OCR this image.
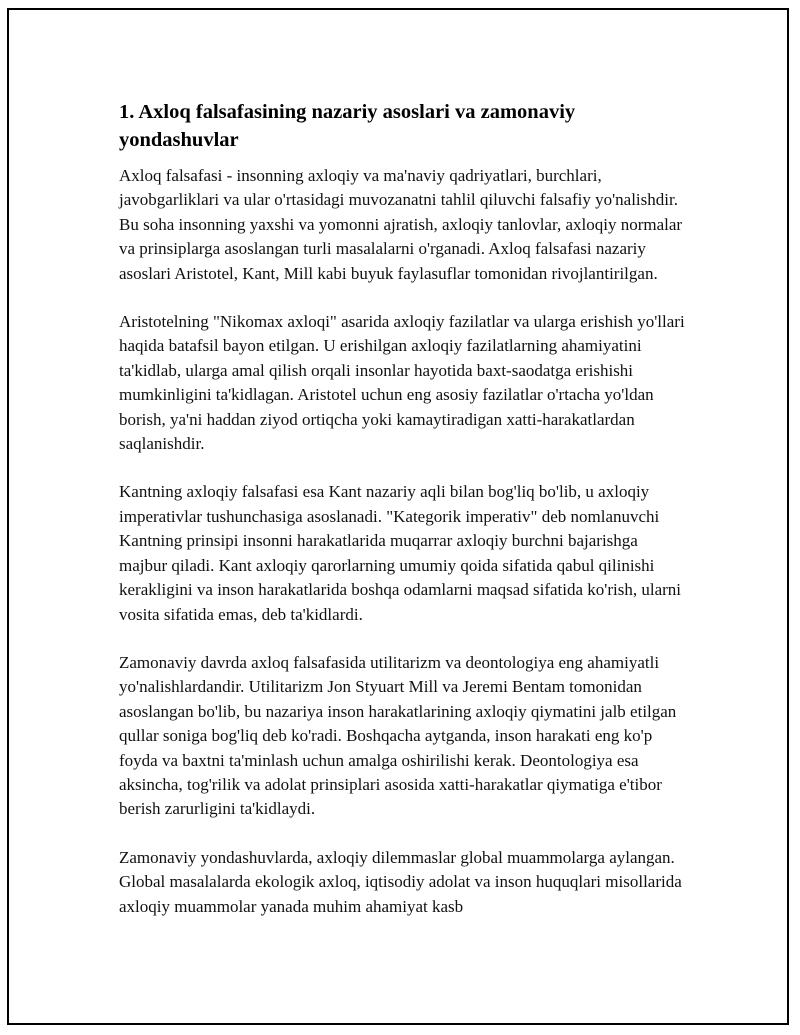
1. Axloq falsafasining nazariy asoslari va zamonaviy yondashuvlar

Axloq falsafasi - insonning axloqiy va ma'naviy qadriyatlari, burchlari, javobgarliklari va ular o'rtasidagi muvozanatni tahlil qiluvchi falsafiy yo'nalishdir. Bu soha insonning yaxshi va yomonni ajratish, axloqiy tanlovlar, axloqiy normalar va prinsiplarga asoslangan turli masalalarni o'rganadi. Axloq falsafasi nazariy asoslari Aristotel, Kant, Mill kabi buyuk faylasuflar tomonidan rivojlantirilgan.

Aristotelning "Nikomax axloqi" asarida axloqiy fazilatlar va ularga erishish yo'llari haqida batafsil bayon etilgan. U erishilgan axloqiy fazilatlarning ahamiyatini ta'kidlab, ularga amal qilish orqali insonlar hayotida baxt-saodatga erishishi mumkinligini ta'kidlagan. Aristotel uchun eng asosiy fazilatlar o'rtacha yo'ldan borish, ya'ni haddan ziyod ortiqcha yoki kamaytiradigan xatti-harakatlardan saqlanishdir.

Kantning axloqiy falsafasi esa Kant nazariy aqli bilan bog'liq bo'lib, u axloqiy imperativlar tushunchasiga asoslanadi. "Kategorik imperativ" deb nomlanuvchi Kantning prinsipi insonni harakatlarida muqarrar axloqiy burchni bajarishga majbur qiladi. Kant axloqiy qarorlarning umumiy qoida sifatida qabul qilinishi kerakligini va inson harakatlarida boshqa odamlarni maqsad sifatida ko'rish, ularni vosita sifatida emas, deb ta'kidlardi.

Zamonaviy davrda axloq falsafasida utilitarizm va deontologiya eng ahamiyatli yo'nalishlardandir. Utilitarizm Jon Styuart Mill va Jeremi Bentam tomonidan asoslangan bo'lib, bu nazariya inson harakatlarining axloqiy qiymatini jalb etilgan qullar soniga bog'liq deb ko'radi. Boshqacha aytganda, inson harakati eng ko'p foyda va baxtni ta'minlash uchun amalga oshirilishi kerak. Deontologiya esa aksincha, tog'rilik va adolat prinsiplari asosida xatti-harakatlar qiymatiga e'tibor berish zarurligini ta'kidlaydi.

Zamonaviy yondashuvlarda, axloqiy dilemmaslar global muammolarga aylangan. Global masalalarda ekologik axloq, iqtisodiy adolat va inson huquqlari misollarida axloqiy muammolar yanada muhim ahamiyat kasb
